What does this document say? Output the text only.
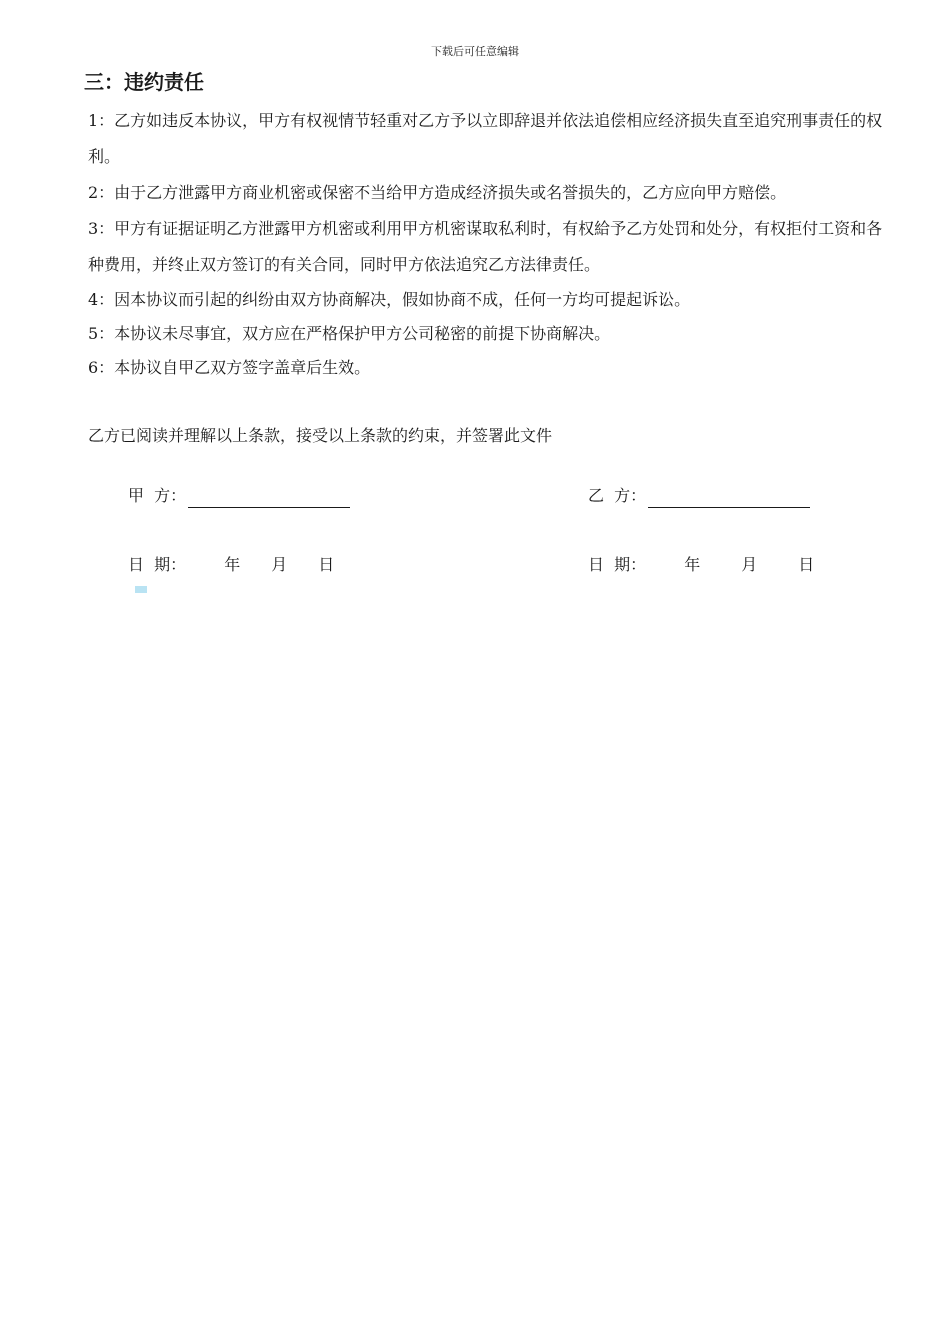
下载后可任意编辑
三：违约责任

1：乙方如违反本协议，甲方有权视情节轻重对乙方予以立即辞退并依法追偿相应经济损失直至追究刑事责任的权利。

2：由于乙方泄露甲方商业机密或保密不当给甲方造成经济损失或名誉损失的，乙方应向甲方赔偿。

3：甲方有证据证明乙方泄露甲方机密或利用甲方机密谋取私利时，有权給予乙方处罚和处分，有权拒付工资和各种费用，并终止双方签订的有关合同，同时甲方依法追究乙方法律责任。

4：因本协议而引起的纠纷由双方协商解决，假如协商不成，任何一方均可提起诉讼。

5：本协议未尽事宜，双方应在严格保护甲方公司秘密的前提下协商解决。

6：本协议自甲乙双方签字盖章后生效。

乙方已阅读并理解以上条款，接受以上条款的约束，并签署此文件
甲  方：	乙  方：
日  期： 年 月 日	日  期： 年	月	日
